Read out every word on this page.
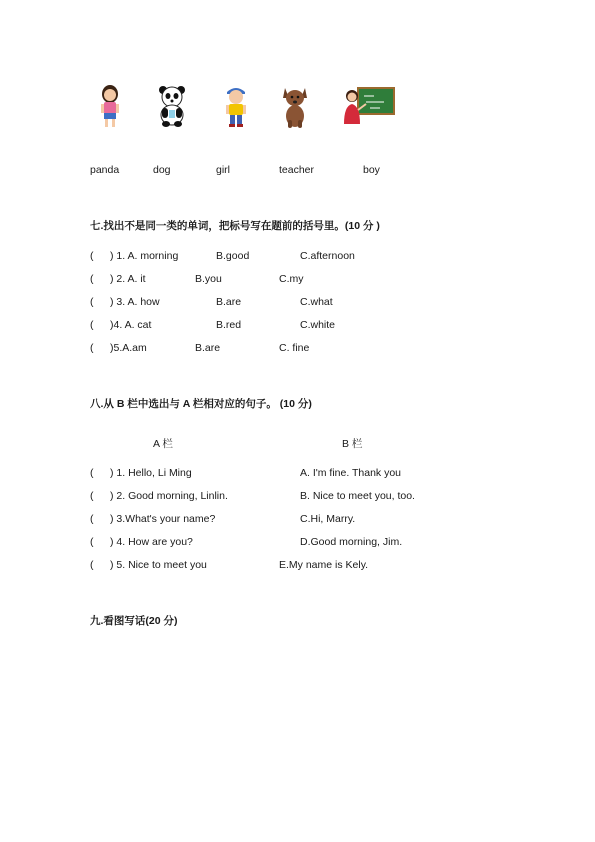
panda	dog	girl	teacher	boy
七.找出不是同一类的单词，把标号写在题前的括号里。(10 分 )
( ) 1. A. morning	B.good	C.afternoon
( ) 2. A. it	B.you	C.my
( ) 3. A. how	B.are	C.what
( )4. A. cat	B.red	C.white
( )5.A.am	B.are	C. fine
八.从 B 栏中选出与 A 栏相对应的句子。 (10 分)
A 栏	B 栏
( ) 1. Hello, Li Ming	A. I'm fine. Thank you
( ) 2. Good morning, Linlin.	B. Nice to meet you, too.
( ) 3.What's your name?	C.Hi, Marry.
( ) 4. How are you?	D.Good morning, Jim.
( ) 5. Nice to meet you	E.My name is Kely.
九.看图写话(20 分)
